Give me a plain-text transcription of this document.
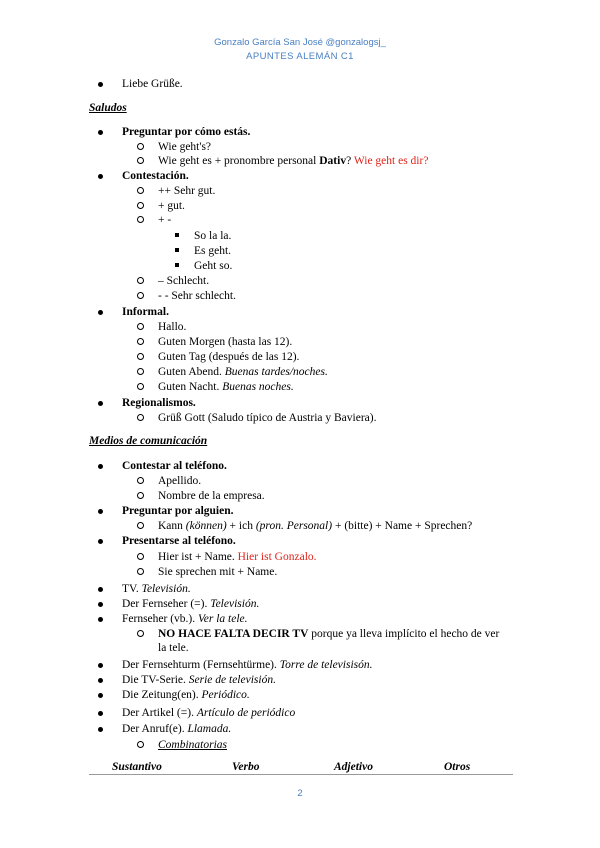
Gonzalo García San José @gonzalogsj_
APUNTES ALEMÁN C1
Liebe Grüße.
Saludos
Preguntar por cómo estás.
Wie geht's?
Wie geht es + pronombre personal Dativ? Wie geht es dir?
Contestación.
++ Sehr gut.
+ gut.
+ -
So la la.
Es geht.
Geht so.
– Schlecht.
- - Sehr schlecht.
Informal.
Hallo.
Guten Morgen (hasta las 12).
Guten Tag (después de las 12).
Guten Abend. Buenas tardes/noches.
Guten Nacht. Buenas noches.
Regionalismos.
Grüß Gott (Saludo típico de Austria y Baviera).
Medios de comunicación
Contestar al teléfono.
Apellido.
Nombre de la empresa.
Preguntar por alguien.
Kann (können) + ich (pron. Personal) + (bitte) + Name + Sprechen?
Presentarse al teléfono.
Hier ist + Name. Hier ist Gonzalo.
Sie sprechen mit + Name.
TV. Televisión.
Der Fernseher (=). Televisión.
Fernseher (vb.). Ver la tele.
NO HACE FALTA DECIR TV porque ya lleva implícito el hecho de ver la tele.
Der Fernsehturm (Fernsehtürme). Torre de televisisón.
Die TV-Serie. Serie de televisión.
Die Zeitung(en). Periódico.
Der Artikel (=). Artículo de periódico
Der Anruf(e). Llamada.
Combinatorias
Sustantivo	Verbo	Adjetivo	Otros
2
